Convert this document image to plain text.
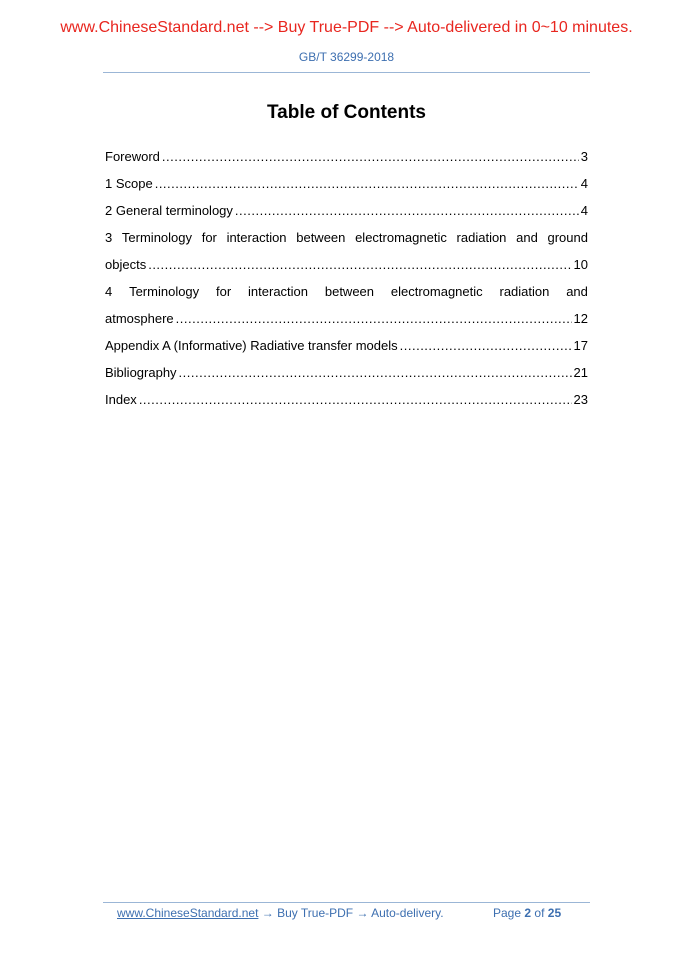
www.ChineseStandard.net --> Buy True-PDF --> Auto-delivered in 0~10 minutes.
GB/T 36299-2018
Table of Contents
Foreword .....	3
1 Scope .....	4
2 General terminology .....	4
3 Terminology for interaction between electromagnetic radiation and ground
objects .....	10
4 Terminology for interaction between electromagnetic radiation and
atmosphere .....	12
Appendix A (Informative) Radiative transfer models .....	17
Bibliography .....	21
Index .....	23
www.ChineseStandard.net → Buy True-PDF → Auto-delivery.	Page 2 of 25
